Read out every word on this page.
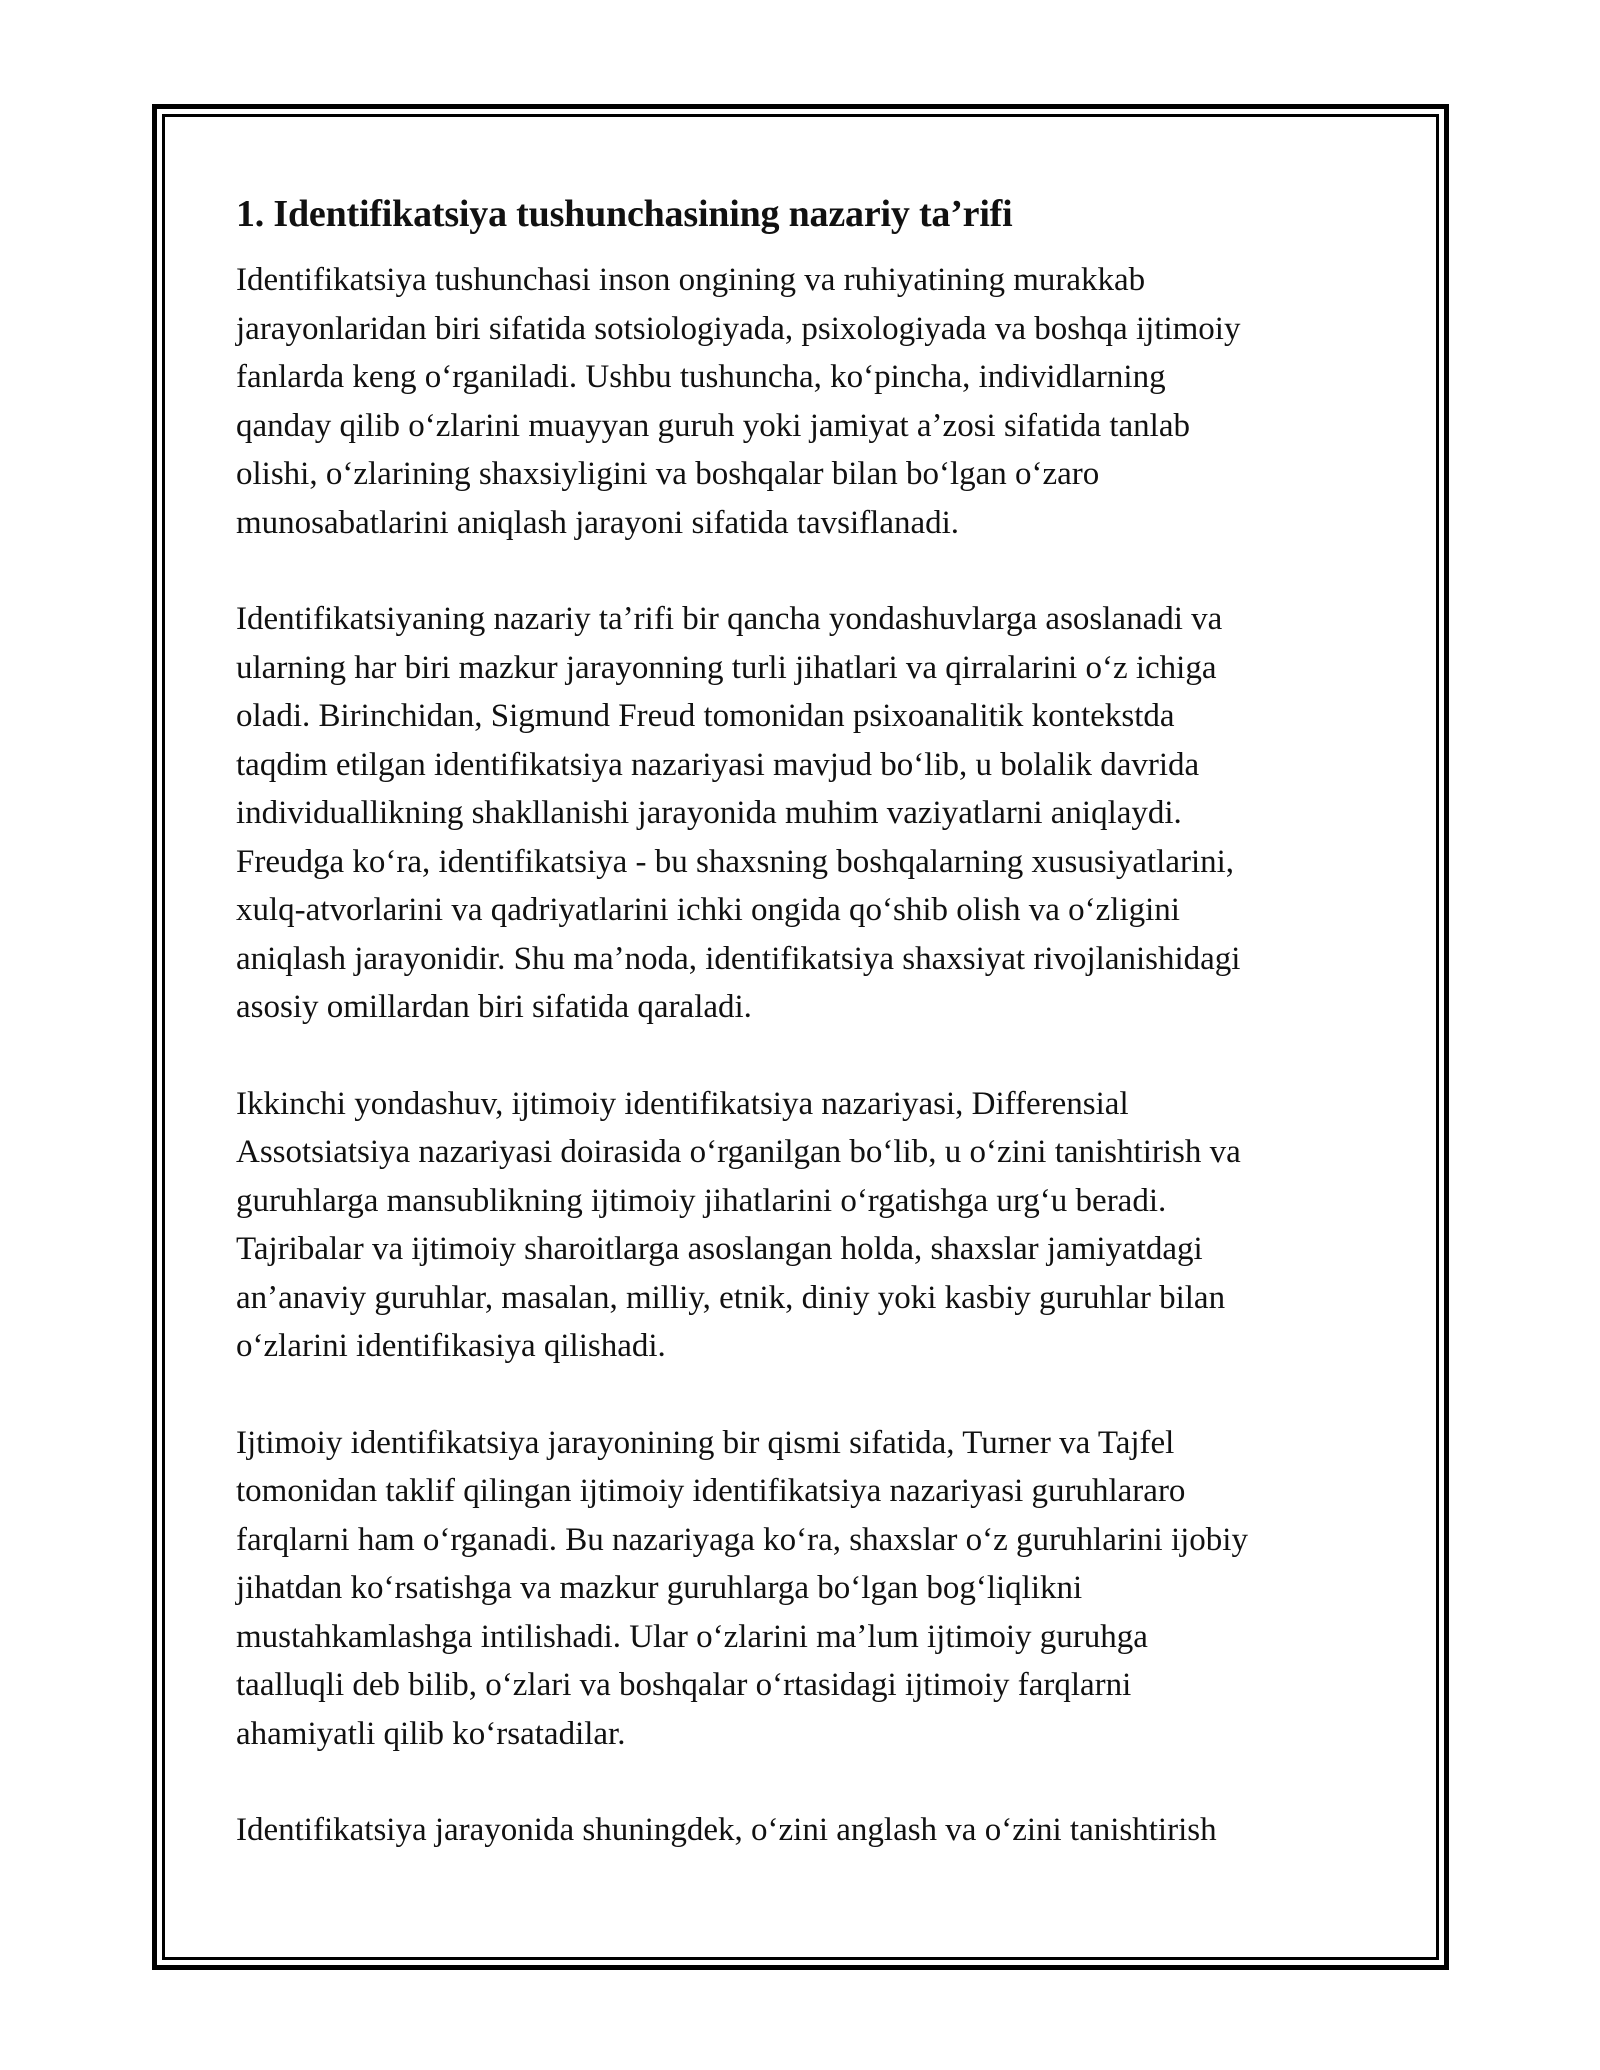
1. Identifikatsiya tushunchasining nazariy ta’rifi

Identifikatsiya tushunchasi inson ongining va ruhiyatining murakkab
jarayonlaridan biri sifatida sotsiologiyada, psixologiyada va boshqa ijtimoiy
fanlarda keng oʻrganiladi. Ushbu tushuncha, koʻpincha, individlarning
qanday qilib oʻzlarini muayyan guruh yoki jamiyat aʼzosi sifatida tanlab
olishi, oʻzlarining shaxsiyligini va boshqalar bilan boʻlgan oʻzaro
munosabatlarini aniqlash jarayoni sifatida tavsiflanadi.

Identifikatsiyaning nazariy taʼrifi bir qancha yondashuvlarga asoslanadi va
ularning har biri mazkur jarayonning turli jihatlari va qirralarini oʻz ichiga
oladi. Birinchidan, Sigmund Freud tomonidan psixoanalitik kontekstda
taqdim etilgan identifikatsiya nazariyasi mavjud boʻlib, u bolalik davrida
individuallikning shakllanishi jarayonida muhim vaziyatlarni aniqlaydi.
Freudga koʻra, identifikatsiya - bu shaxsning boshqalarning xususiyatlarini,
xulq-atvorlarini va qadriyatlarini ichki ongida qoʻshib olish va oʻzligini
aniqlash jarayonidir. Shu maʼnoda, identifikatsiya shaxsiyat rivojlanishidagi
asosiy omillardan biri sifatida qaraladi.

Ikkinchi yondashuv, ijtimoiy identifikatsiya nazariyasi, Differensial
Assotsiatsiya nazariyasi doirasida oʻrganilgan boʻlib, u oʻzini tanishtirish va
guruhlarga mansublikning ijtimoiy jihatlarini oʻrgatishga urgʻu beradi.
Tajribalar va ijtimoiy sharoitlarga asoslangan holda, shaxslar jamiyatdagi
anʼanaviy guruhlar, masalan, milliy, etnik, diniy yoki kasbiy guruhlar bilan
oʻzlarini identifikasiya qilishadi.

Ijtimoiy identifikatsiya jarayonining bir qismi sifatida, Turner va Tajfel
tomonidan taklif qilingan ijtimoiy identifikatsiya nazariyasi guruhlararo
farqlarni ham oʻrganadi. Bu nazariyaga koʻra, shaxslar oʻz guruhlarini ijobiy
jihatdan koʻrsatishga va mazkur guruhlarga boʻlgan bogʻliqlikni
mustahkamlashga intilishadi. Ular oʻzlarini maʼlum ijtimoiy guruhga
taalluqli deb bilib, oʻzlari va boshqalar oʻrtasidagi ijtimoiy farqlarni
ahamiyatli qilib koʻrsatadilar.

Identifikatsiya jarayonida shuningdek, oʻzini anglash va oʻzini tanishtirish
